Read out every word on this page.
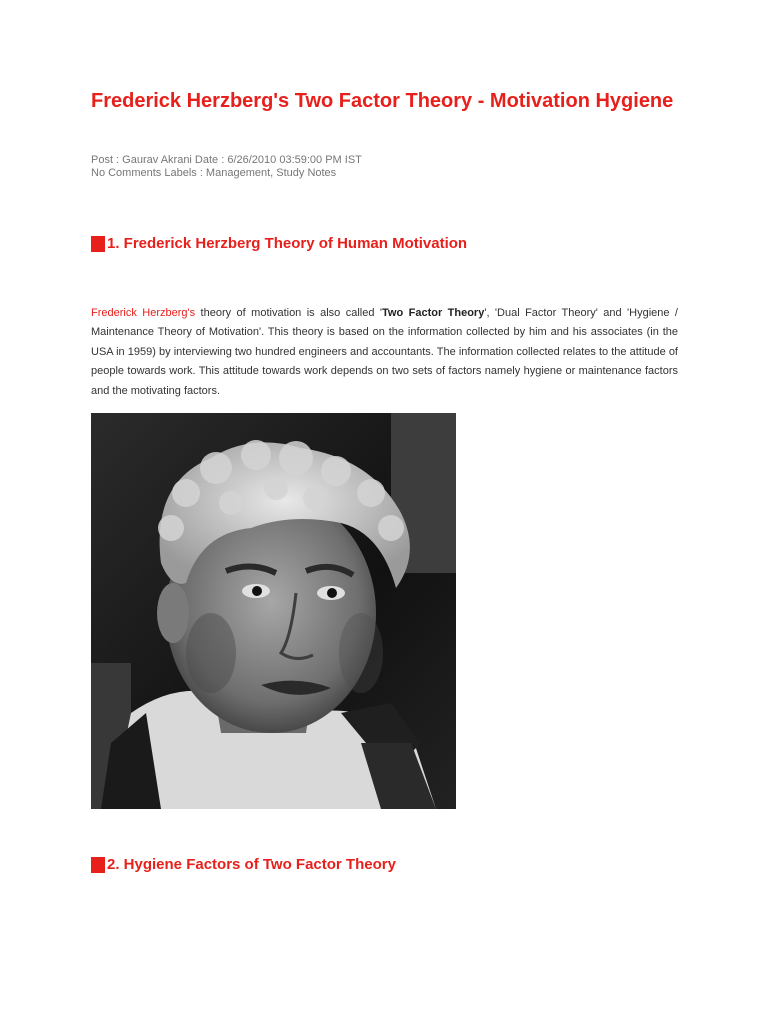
Frederick Herzberg's Two Factor Theory - Motivation Hygiene
Post : Gaurav Akrani Date : 6/26/2010 03:59:00 PM IST
No Comments Labels : Management, Study Notes
1. Frederick Herzberg Theory of Human Motivation

Frederick Herzberg's theory of motivation is also called 'Two Factor Theory', 'Dual Factor Theory' and 'Hygiene / Maintenance Theory of Motivation'. This theory is based on the information collected by him and his associates (in the USA in 1959) by interviewing two hundred engineers and accountants. The information collected relates to the attitude of people towards work. This attitude towards work depends on two sets of factors namely hygiene or maintenance factors and the motivating factors.

2. Hygiene Factors of Two Factor Theory
